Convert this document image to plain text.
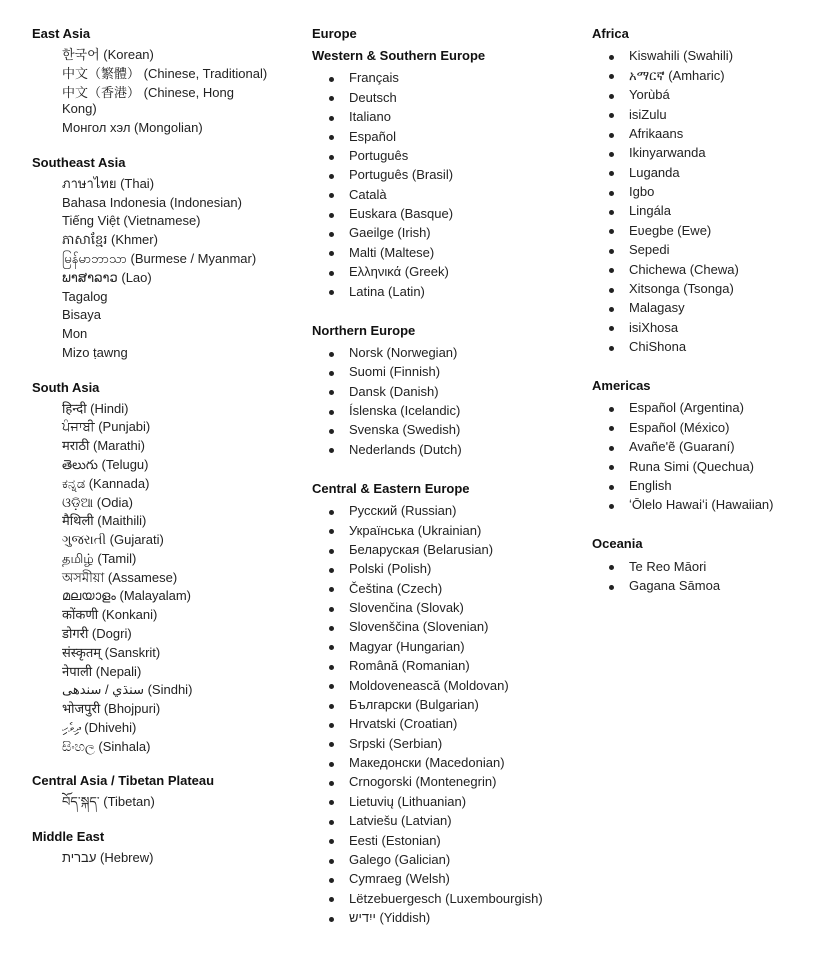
East Asia
한국어 (Korean)
中文（繁體） (Chinese, Traditional)
中文（香港） (Chinese, Hong Kong)
Монгол хэл (Mongolian)
Southeast Asia
ภาษาไทย (Thai)
Bahasa Indonesia (Indonesian)
Tiếng Việt (Vietnamese)
ភាសាខ្មែរ (Khmer)
မြန်မာဘာသာ (Burmese / Myanmar)
ພາສາລາວ (Lao)
Tagalog
Bisaya
Mon
Mizo ṭawng
South Asia
हिन्दी (Hindi)
ਪੰਜਾਬੀ (Punjabi)
मराठी (Marathi)
తెలుగు (Telugu)
ಕನ್ನಡ (Kannada)
ଓଡ଼ିଆ (Odia)
मैथिली (Maithili)
ગુજરાતી (Gujarati)
தமிழ் (Tamil)
অসমীয়া (Assamese)
മലയാളം (Malayalam)
कोंकणी (Konkani)
डोगरी (Dogri)
संस्कृतम् (Sanskrit)
नेपाली (Nepali)
سنڌي / سندھی (Sindhi)
भोजपुरी (Bhojpuri)
ދިވެހި (Dhivehi)
සිංහල (Sinhala)
Central Asia / Tibetan Plateau
བོད་སྐད་ (Tibetan)
Middle East
עברית (Hebrew)
Europe
Western & Southern Europe
Français
Deutsch
Italiano
Español
Português
Português (Brasil)
Català
Euskara (Basque)
Gaeilge (Irish)
Malti (Maltese)
Ελληνικά (Greek)
Latina (Latin)
Northern Europe
Norsk (Norwegian)
Suomi (Finnish)
Dansk (Danish)
Íslenska (Icelandic)
Svenska (Swedish)
Nederlands (Dutch)
Central & Eastern Europe
Русский (Russian)
Українська (Ukrainian)
Беларуская (Belarusian)
Polski (Polish)
Čeština (Czech)
Slovenčina (Slovak)
Slovenščina (Slovenian)
Magyar (Hungarian)
Română (Romanian)
Moldovenească (Moldovan)
Български (Bulgarian)
Hrvatski (Croatian)
Srpski (Serbian)
Македонски (Macedonian)
Crnogorski (Montenegrin)
Lietuvių (Lithuanian)
Latviešu (Latvian)
Eesti (Estonian)
Galego (Galician)
Cymraeg (Welsh)
Lëtzebuergesch (Luxembourgish)
ייִדיש (Yiddish)
Africa
Kiswahili (Swahili)
አማርኛ (Amharic)
Yorùbá
isiZulu
Afrikaans
Ikinyarwanda
Luganda
Igbo
Lingála
Eʋegbe (Ewe)
Sepedi
Chichewa (Chewa)
Xitsonga (Tsonga)
Malagasy
isiXhosa
ChiShona
Americas
Español (Argentina)
Español (México)
Avañe'ẽ (Guaraní)
Runa Simi (Quechua)
English
ʻŌlelo Hawaiʻi (Hawaiian)
Oceania
Te Reo Māori
Gagana Sāmoa
